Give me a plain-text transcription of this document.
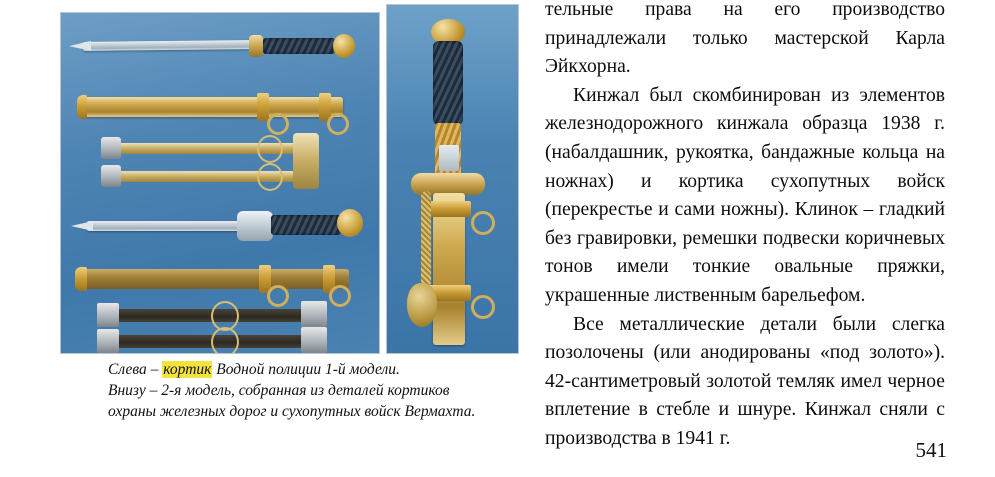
Слева – кортик Водной полиции 1-й модели.
Внизу – 2-я модель, собранная из деталей кортиков
охраны железных дорог и сухопутных войск Вермахта.

тельные права на его производство принадлежали только мастерской Карла Эйкхорна.

Кинжал был скомбинирован из элементов железнодорожного кинжала образца 1938 г. (набалдашник, рукоятка, бандажные кольца на ножнах) и кортика сухопутных войск (перекрестье и сами ножны). Клинок – гладкий без гравировки, ремешки подвески коричневых тонов имели тонкие овальные пряжки, украшенные лиственным барельефом.

Все металлические детали были слегка позолочены (или анодированы «под золото»). 42-сантиметровый золотой темляк имел черное вплетение в стебле и шнуре. Кинжал сняли с производства в 1941 г.	541
